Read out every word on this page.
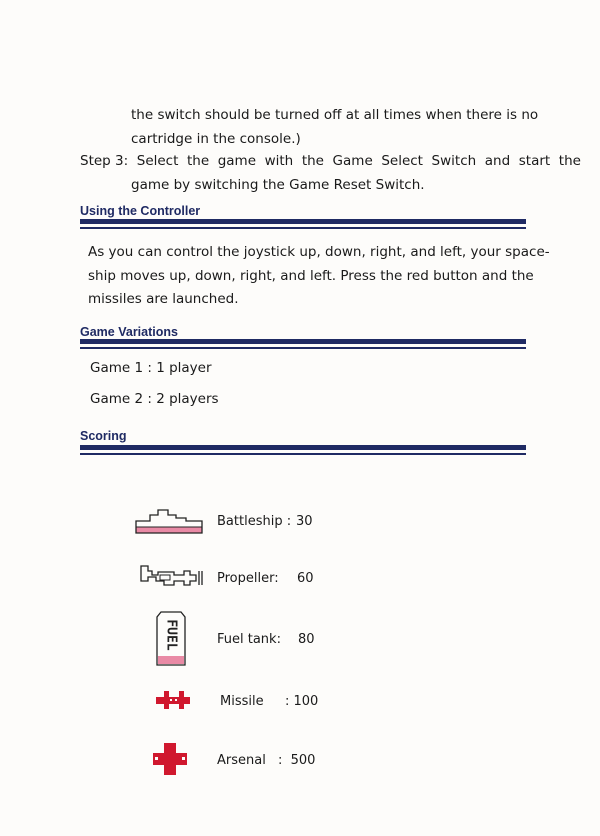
the switch should be turned off at all times when there is no
cartridge in the console.)
Step 3:  Select  the  game  with  the  Game  Select  Switch  and  start  the
game by switching the Game Reset Switch.
Using the Controller
As you can control the joystick up, down, right, and left, your space-
ship moves up, down, right, and left. Press the red button and the
missiles are launched.
Game Variations
Game 1 : 1 player
Game 2 : 2 players
Scoring
Battleship : 30
Propeller: 60
FUEL	Fuel tank: 80
Missile : 100
Arsenal :  500
